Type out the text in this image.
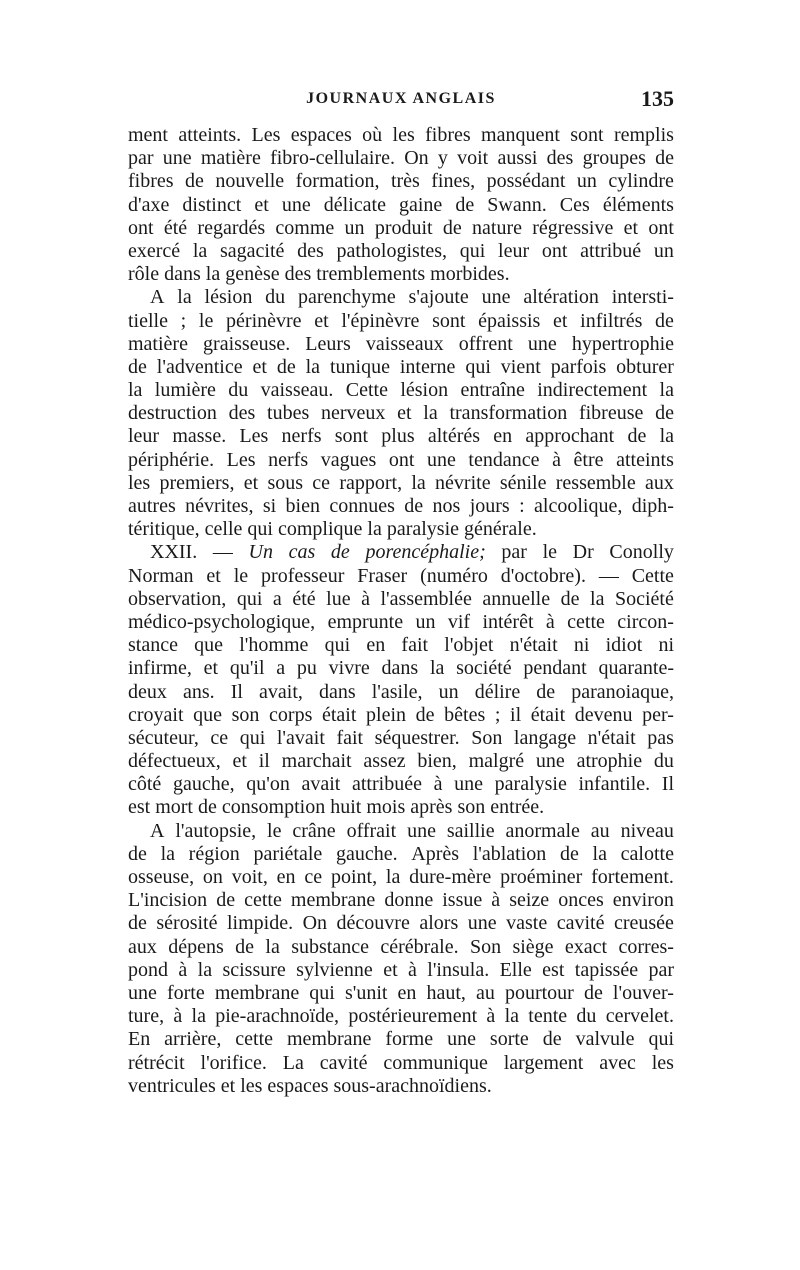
JOURNAUX ANGLAIS	135
ment atteints. Les espaces où les fibres manquent sont remplis
par une matière fibro-cellulaire. On y voit aussi des groupes de
fibres de nouvelle formation, très fines, possédant un cylindre
d'axe distinct et une délicate gaine de Swann. Ces éléments
ont été regardés comme un produit de nature régressive et ont
exercé la sagacité des pathologistes, qui leur ont attribué un
rôle dans la genèse des tremblements morbides.
A la lésion du parenchyme s'ajoute une altération intersti-
tielle ; le périnèvre et l'épinèvre sont épaissis et infiltrés de
matière graisseuse. Leurs vaisseaux offrent une hypertrophie
de l'adventice et de la tunique interne qui vient parfois obturer
la lumière du vaisseau. Cette lésion entraîne indirectement la
destruction des tubes nerveux et la transformation fibreuse de
leur masse. Les nerfs sont plus altérés en approchant de la
périphérie. Les nerfs vagues ont une tendance à être atteints
les premiers, et sous ce rapport, la névrite sénile ressemble aux
autres névrites, si bien connues de nos jours : alcoolique, diph-
téritique, celle qui complique la paralysie générale.
XXII. — Un cas de porencéphalie; par le Dr Conolly
Norman et le professeur Fraser (numéro d'octobre). — Cette
observation, qui a été lue à l'assemblée annuelle de la Société
médico-psychologique, emprunte un vif intérêt à cette circon-
stance que l'homme qui en fait l'objet n'était ni idiot ni
infirme, et qu'il a pu vivre dans la société pendant quarante-
deux ans. Il avait, dans l'asile, un délire de paranoiaque,
croyait que son corps était plein de bêtes ; il était devenu per-
sécuteur, ce qui l'avait fait séquestrer. Son langage n'était pas
défectueux, et il marchait assez bien, malgré une atrophie du
côté gauche, qu'on avait attribuée à une paralysie infantile. Il
est mort de consomption huit mois après son entrée.
A l'autopsie, le crâne offrait une saillie anormale au niveau
de la région pariétale gauche. Après l'ablation de la calotte
osseuse, on voit, en ce point, la dure-mère proéminer fortement.
L'incision de cette membrane donne issue à seize onces environ
de sérosité limpide. On découvre alors une vaste cavité creusée
aux dépens de la substance cérébrale. Son siège exact corres-
pond à la scissure sylvienne et à l'insula. Elle est tapissée par
une forte membrane qui s'unit en haut, au pourtour de l'ouver-
ture, à la pie-arachnoïde, postérieurement à la tente du cervelet.
En arrière, cette membrane forme une sorte de valvule qui
rétrécit l'orifice. La cavité communique largement avec les
ventricules et les espaces sous-arachnoïdiens.
